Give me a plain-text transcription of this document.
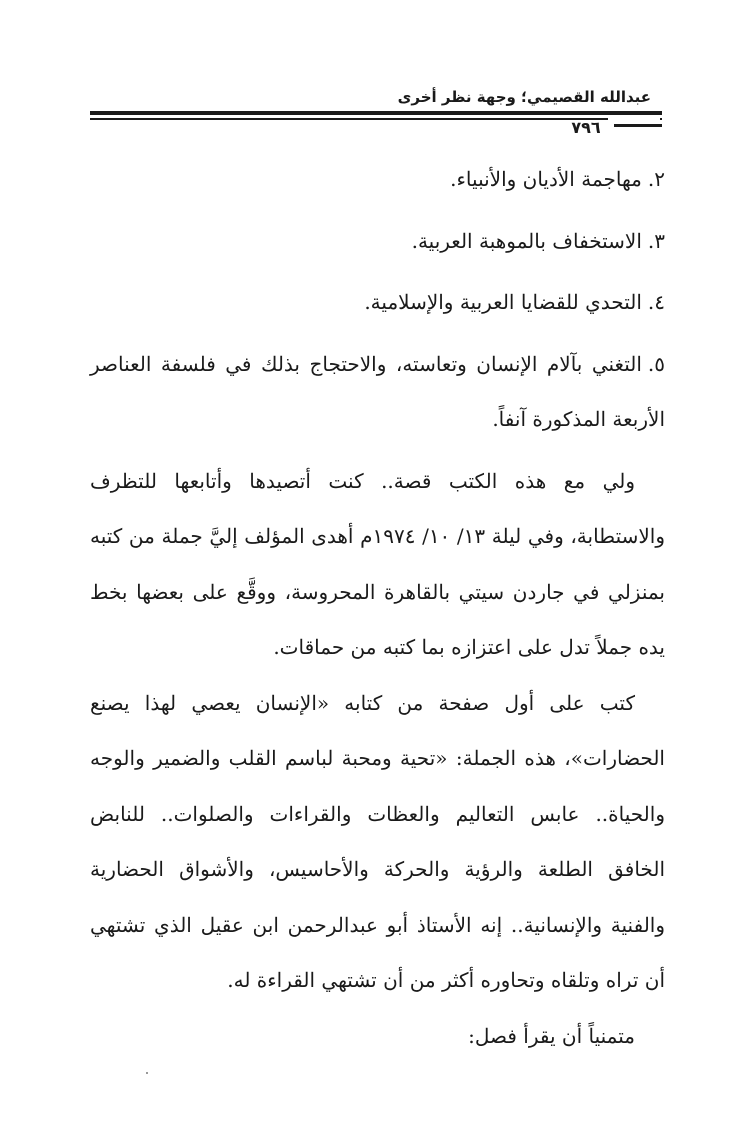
عبدالله القصيمي؛ وجهة نظر أخرى
٧٩٦
٢.مهاجمة الأديان والأنبياء.
٣.الاستخفاف بالموهبة العربية.
٤.التحدي للقضايا العربية والإسلامية.
٥.التغني بآلام الإنسان وتعاسته، والاحتجاج بذلك في فلسفة العناصر الأربعة المذكورة آنفاً.

ولي مع هذه الكتب قصة.. كنت أتصيدها وأتابعها للتظرف والاستطابة، وفي ليلة ١٣/ ١٠/ ١٩٧٤م أهدى المؤلف إليَّ جملة من كتبه بمنزلي في جاردن سيتي بالقاهرة المحروسة، ووقَّع على بعضها بخط يده جملاً تدل على اعتزازه بما كتبه من حماقات.

كتب على أول صفحة من كتابه «الإنسان يعصي لهذا يصنع الحضارات»، هذه الجملة: «تحية ومحبة لباسم القلب والضمير والوجه والحياة.. عابس التعاليم والعظات والقراءات والصلوات.. للنابض الخافق الطلعة والرؤية والحركة والأحاسيس، والأشواق الحضارية والفنية والإنسانية.. إنه الأستاذ أبو عبدالرحمن ابن عقيل الذي تشتهي أن تراه وتلقاه وتحاوره أكثر من أن تشتهي القراءة له.

متمنياً أن يقرأ فصل:
